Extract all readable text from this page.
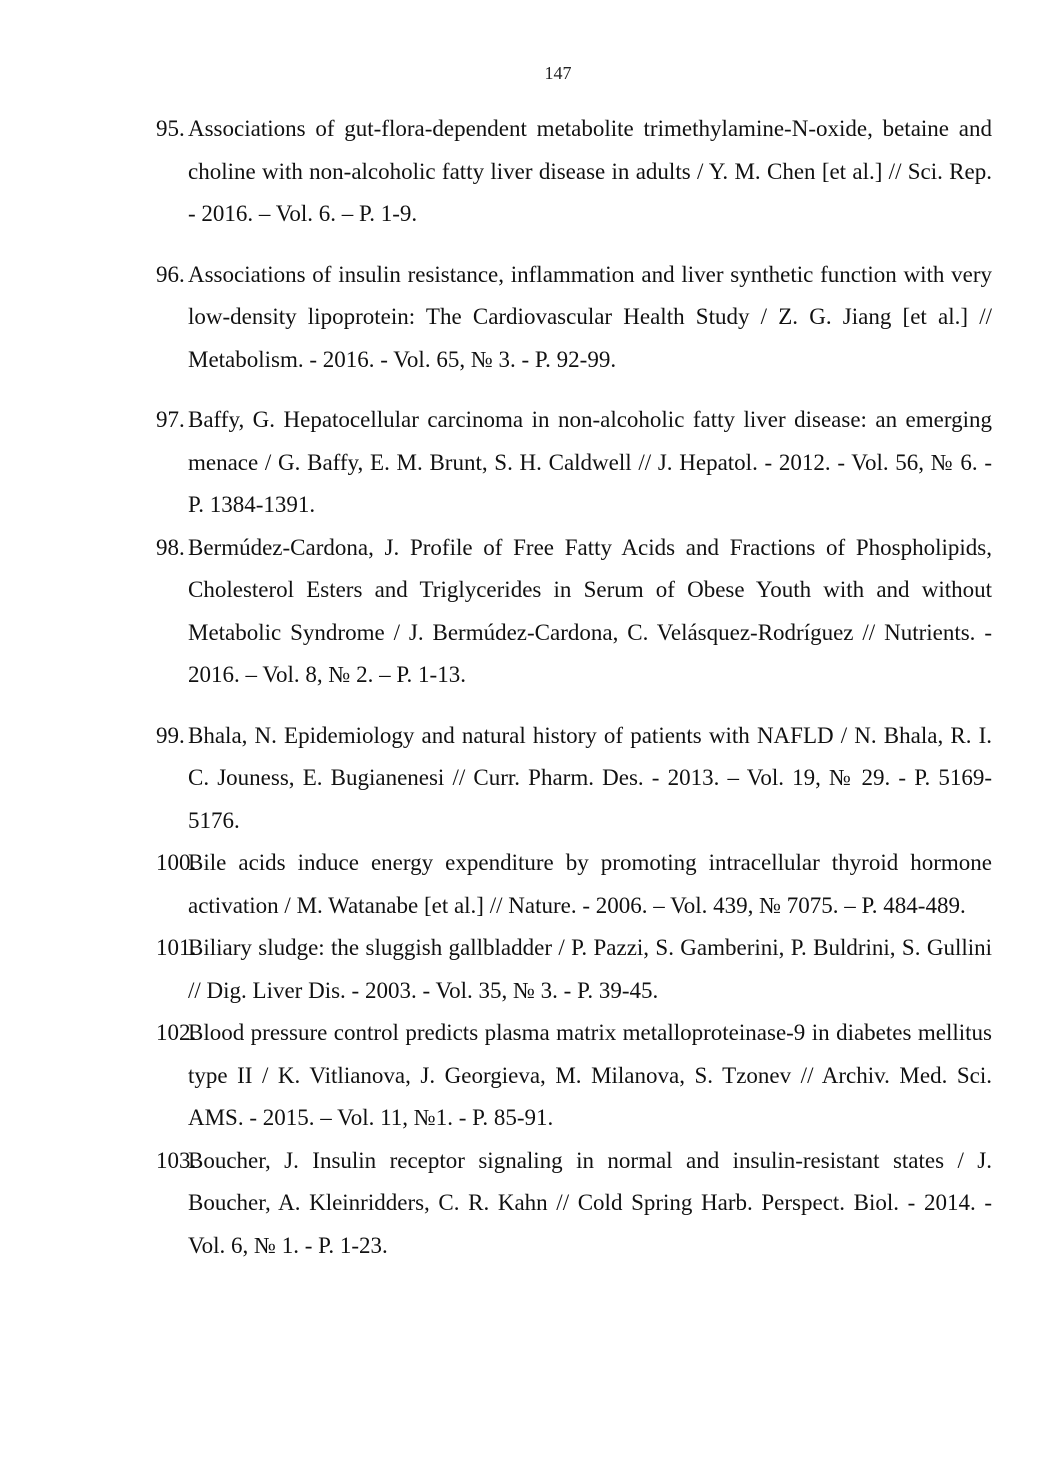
147
95. Associations of gut-flora-dependent metabolite trimethylamine-N-oxide, betaine and choline with non-alcoholic fatty liver disease in adults / Y. M. Chen [et al.] // Sci. Rep. - 2016. – Vol. 6. – P. 1-9.
96. Associations of insulin resistance, inflammation and liver synthetic function with very low-density lipoprotein: The Cardiovascular Health Study / Z. G. Jiang [et al.] // Metabolism. - 2016. - Vol. 65, № 3. - P. 92-99.
97. Baffy, G. Hepatocellular carcinoma in non-alcoholic fatty liver disease: an emerging menace / G. Baffy, E. M. Brunt, S. H. Caldwell // J. Hepatol. - 2012. - Vol. 56, № 6. - P. 1384-1391.
98. Bermúdez-Cardona, J. Profile of Free Fatty Acids and Fractions of Phospholipids, Cholesterol Esters and Triglycerides in Serum of Obese Youth with and without Metabolic Syndrome / J. Bermúdez-Cardona, C. Velásquez-Rodríguez // Nutrients. - 2016. – Vol. 8, № 2. – P. 1-13.
99. Bhala, N. Epidemiology and natural history of patients with NAFLD / N. Bhala, R. I. C. Jouness, E. Bugianenesi // Curr. Pharm. Des. - 2013. – Vol. 19, № 29. - P. 5169-5176.
100.
Bile acids induce energy expenditure by promoting intracellular thyroid hormone activation / M. Watanabe [et al.] // Nature. - 2006. – Vol. 439, № 7075. – P. 484-489.
101.
Biliary sludge: the sluggish gallbladder / P. Pazzi, S. Gamberini, P. Buldrini, S. Gullini // Dig. Liver Dis. - 2003. - Vol. 35, № 3. - P. 39-45.
102.
Blood pressure control predicts plasma matrix metalloproteinase-9 in diabetes mellitus type II / K. Vitlianova, J. Georgieva, M. Milanova, S. Tzonev // Archiv. Med. Sci. AMS. - 2015. – Vol. 11, №1. - P. 85-91.
103.
Boucher, J. Insulin receptor signaling in normal and insulin-resistant states / J. Boucher, A. Kleinridders, C. R. Kahn // Cold Spring Harb. Perspect. Biol. - 2014. - Vol. 6, № 1. - P. 1-23.
